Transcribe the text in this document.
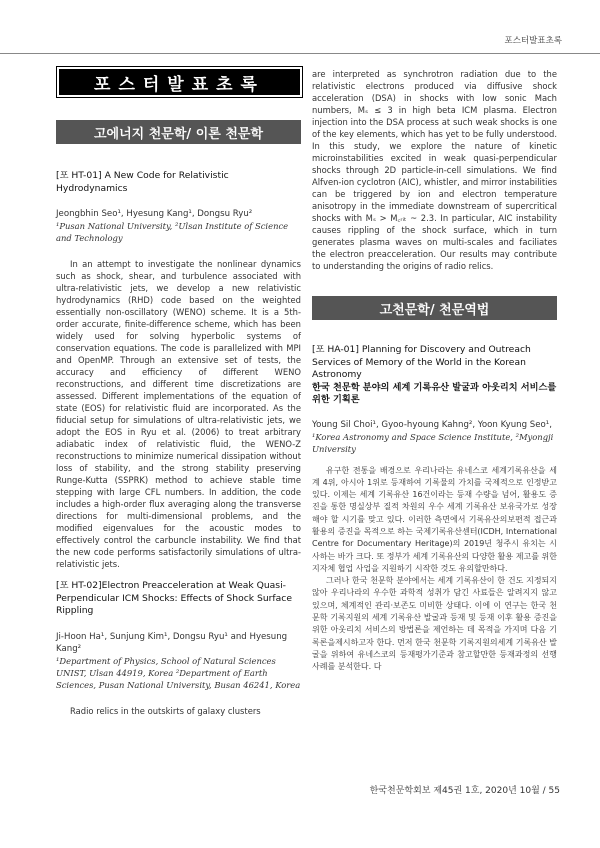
포스터발표초록
포스터발표초록
고에너지 천문학/ 이론 천문학
[포 HT-01] A New Code for Relativistic Hydrodynamics
Jeongbhin Seo¹, Hyesung Kang¹, Dongsu Ryu²
¹Pusan National University, ²Ulsan Institute of Science and Technology

In an attempt to investigate the nonlinear dynamics such as shock, shear, and turbulence associated with ultra-relativistic jets, we develop a new relativistic hydrodynamics (RHD) code based on the weighted essentially non-oscillatory (WENO) scheme. It is a 5th-order accurate, finite-difference scheme, which has been widely used for solving hyperbolic systems of conservation equations. The code is parallelized with MPI and OpenMP. Through an extensive set of tests, the accuracy and efficiency of different WENO reconstructions, and different time discretizations are assessed. Different implementations of the equation of state (EOS) for relativistic fluid are incorporated. As the fiducial setup for simulations of ultra-relativistic jets, we adopt the EOS in Ryu et al. (2006) to treat arbitrary adiabatic index of relativistic fluid, the WENO-Z reconstructions to minimize numerical dissipation without loss of stability, and the strong stability preserving Runge-Kutta (SSPRK) method to achieve stable time stepping with large CFL numbers. In addition, the code includes a high-order flux averaging along the transverse directions for multi-dimensional problems, and the modified eigenvalues for the acoustic modes to effectively control the carbuncle instability. We find that the new code performs satisfactorily simulations of ultra-relativistic jets.

[포 HT-02]Electron Preacceleration at Weak Quasi- Perpendicular ICM Shocks: Effects of Shock Surface Rippling
Ji-Hoon Ha¹, Sunjung Kim¹, Dongsu Ryu¹ and Hyesung Kang²
¹Department of Physics, School of Natural Sciences UNIST, Ulsan 44919, Korea ²Department of Earth Sciences, Pusan National University, Busan 46241, Korea

Radio relics in the outskirts of galaxy clusters

are interpreted as synchrotron radiation due to the relativistic electrons produced via diffusive shock acceleration (DSA) in shocks with low sonic Mach numbers, Mₛ ≤ 3 in high beta ICM plasma. Electron injection into the DSA process at such weak shocks is one of the key elements, which has yet to be fully understood. In this study, we explore the nature of kinetic microinstabilities excited in weak quasi-perpendicular shocks through 2D particle-in-cell simulations. We find Alfven-ion cyclotron (AIC), whistler, and mirror instabilities can be triggered by ion and electron temperature anisotropy in the immediate downstream of supercritical shocks with Mₛ > M꜀ᵣᵢₜ ~ 2.3. In particular, AIC instability causes rippling of the shock surface, which in turn generates plasma waves on multi-scales and faciliates the electron preacceleration. Our results may contribute to understanding the origins of radio relics.

고천문학/ 천문역법
[포 HA-01] Planning for Discovery and Outreach Services of Memory of the World in the Korean Astronomy
한국 천문학 분야의 세계 기록유산 발굴과 아웃리치 서비스를 위한 기획론
Young Sil Choi¹, Gyoo-hyoung Kahng², Yoon Kyung Seo¹,
¹Korea Astronomy and Space Science Institute, ²Myongji University

유구한 전통을 배경으로 우리나라는 유네스코 세계기록유산을 세계 4위, 아시아 1위로 등재하여 기록물의 가치를 국제적으로 인정받고 있다. 이제는 세계 기록유산 16건이라는 등재 수량을 넘어, 활용도 증진을 통한 명실상부 질적 차원의 우수 세계 기록유산 보유국가로 성장해야 할 시기를 맞고 있다. 이러한 측면에서 기록유산의보편적 접근과 활용의 증진을 목적으로 하는 국제기록유산센터(ICDH, International Centre for Documentary Heritage)의 2019년 청주시 유치는 시사하는 바가 크다. 또 정부가 세계 기록유산의 다양한 활용 제고를 위한 지자체 협업 사업을 지원하기 시작한 것도 유의할만하다.

그러나 한국 천문학 분야에서는 세계 기록유산이 한 건도 지정되지 않아 우리나라의 우수한 과학적 성취가 담긴 사료들은 알려지지 않고 있으며, 체계적인 관리·보존도 미비한 상태다. 이에 이 연구는 한국 천문학 기록지원의 세계 기록유산 발굴과 등재 및 등재 이후 활용 증진을 위한 아웃리치 서비스의 방법론을 제언하는 데 목적을 가지며 다음 기록론을제시하고자 한다. 먼저 한국 천문학 기록지원의세계 기록유산 발굴을 위하여 유네스코의 등재평가기준과 참고할만한 등재과정의 선행사례를 분석한다. 다

한국천문학회보 제45권 1호, 2020년 10월 / 55
